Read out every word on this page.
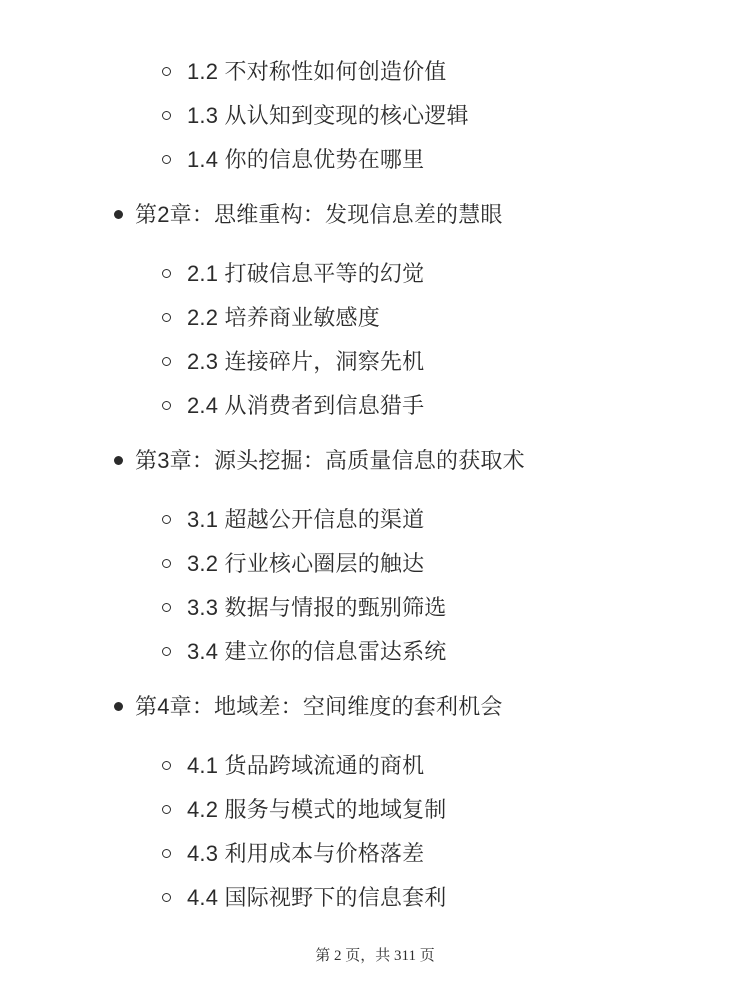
1.2 不对称性如何创造价值
1.3 从认知到变现的核心逻辑
1.4 你的信息优势在哪里
第2章：思维重构：发现信息差的慧眼
2.1 打破信息平等的幻觉
2.2 培养商业敏感度
2.3 连接碎片，洞察先机
2.4 从消费者到信息猎手
第3章：源头挖掘：高质量信息的获取术
3.1 超越公开信息的渠道
3.2 行业核心圈层的触达
3.3 数据与情报的甄别筛选
3.4 建立你的信息雷达系统
第4章：地域差：空间维度的套利机会
4.1 货品跨域流通的商机
4.2 服务与模式的地域复制
4.3 利用成本与价格落差
4.4 国际视野下的信息套利
第 2 页，共 311 页
